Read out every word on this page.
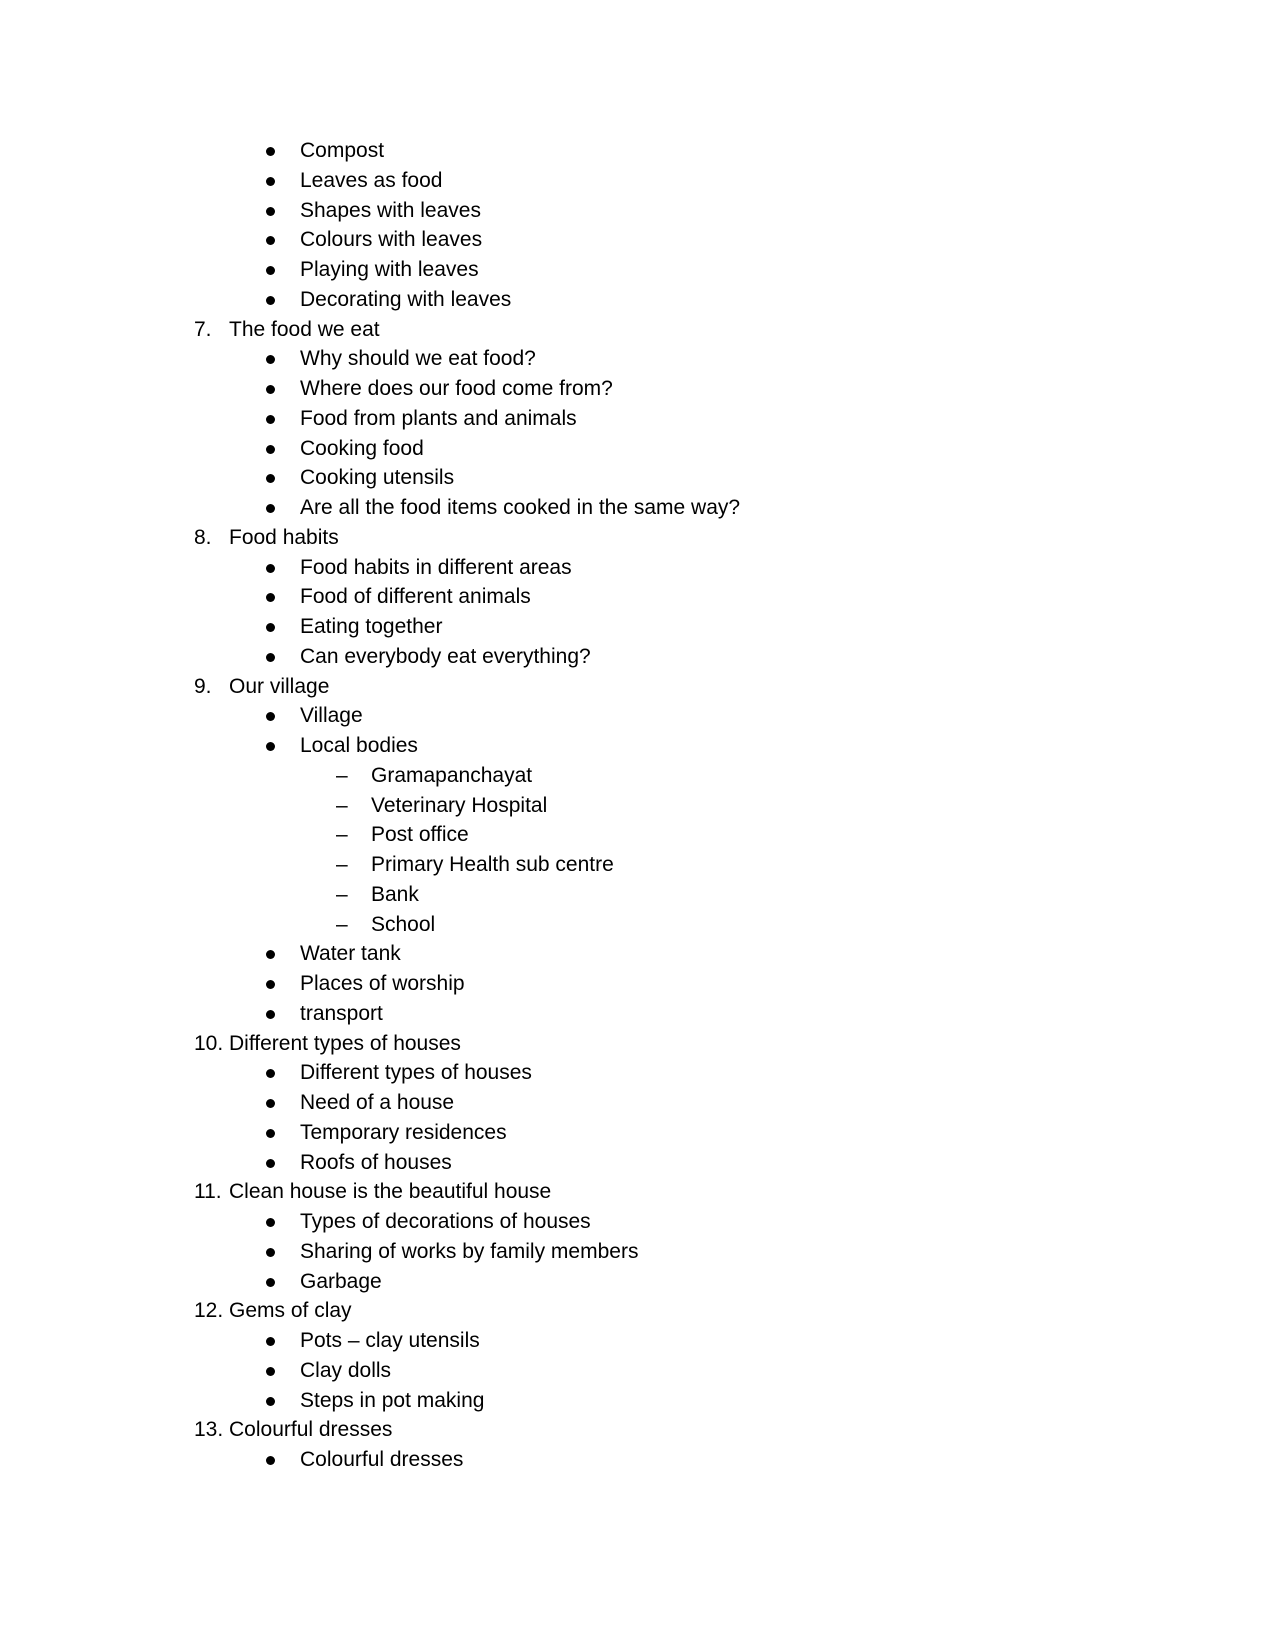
Compost
Leaves as food
Shapes with leaves
Colours with leaves
Playing with leaves
Decorating with leaves
7. The food we eat
Why should we eat food?
Where does our food come from?
Food from plants and animals
Cooking food
Cooking utensils
Are all the food items cooked in the same way?
8. Food habits
Food habits in different areas
Food of different animals
Eating together
Can everybody eat everything?
9. Our village
Village
Local bodies
– Gramapanchayat
– Veterinary Hospital
– Post office
– Primary Health sub centre
– Bank
– School
Water tank
Places of worship
transport
10. Different types of houses
Different types of houses
Need of a house
Temporary residences
Roofs of houses
11. Clean house is the beautiful house
Types of decorations of houses
Sharing of works by family members
Garbage
12. Gems of clay
Pots – clay utensils
Clay dolls
Steps in pot making
13. Colourful dresses
Colourful dresses
